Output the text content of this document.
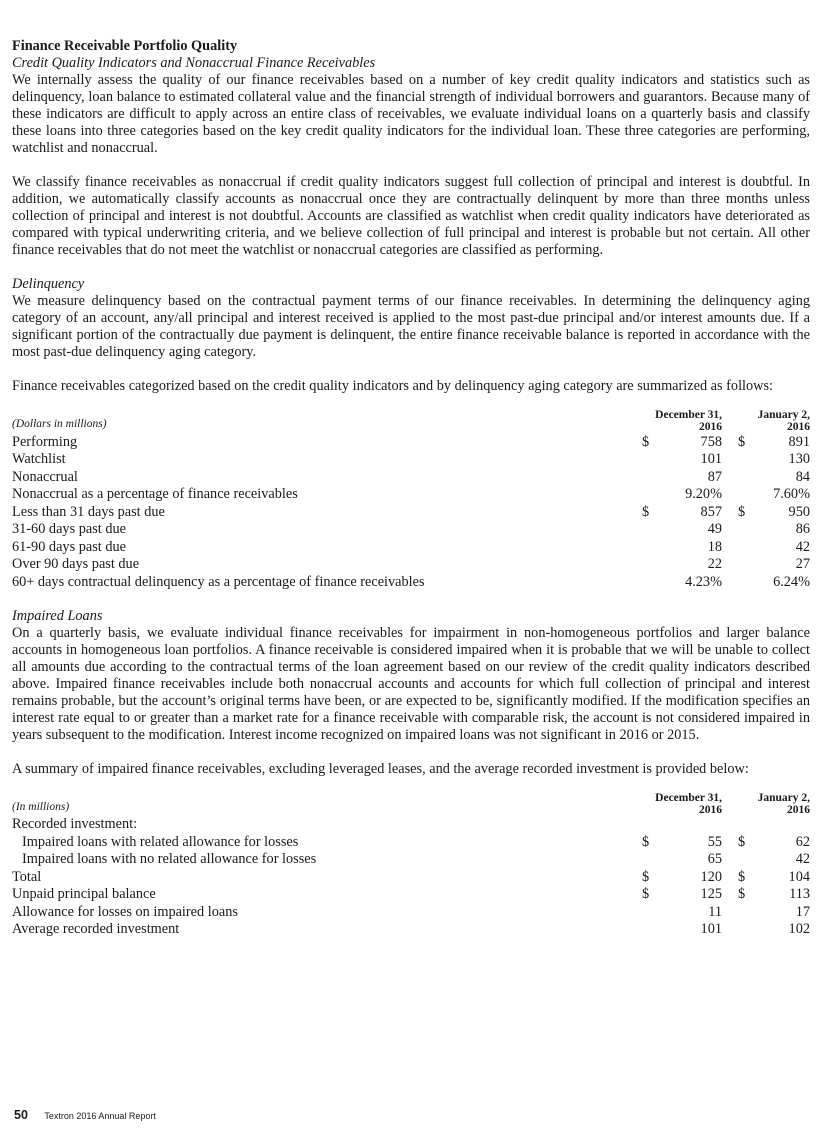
Finance Receivable Portfolio Quality

Credit Quality Indicators and Nonaccrual Finance Receivables

We internally assess the quality of our finance receivables based on a number of key credit quality indicators and statistics such as delinquency, loan balance to estimated collateral value and the financial strength of individual borrowers and guarantors. Because many of these indicators are difficult to apply across an entire class of receivables, we evaluate individual loans on a quarterly basis and classify these loans into three categories based on the key credit quality indicators for the individual loan. These three categories are performing, watchlist and nonaccrual.

We classify finance receivables as nonaccrual if credit quality indicators suggest full collection of principal and interest is doubtful. In addition, we automatically classify accounts as nonaccrual once they are contractually delinquent by more than three months unless collection of principal and interest is not doubtful. Accounts are classified as watchlist when credit quality indicators have deteriorated as compared with typical underwriting criteria, and we believe collection of full principal and interest is probable but not certain. All other finance receivables that do not meet the watchlist or nonaccrual categories are classified as performing.

Delinquency

We measure delinquency based on the contractual payment terms of our finance receivables. In determining the delinquency aging category of an account, any/all principal and interest received is applied to the most past-due principal and/or interest amounts due. If a significant portion of the contractually due payment is delinquent, the entire finance receivable balance is reported in accordance with the most past-due delinquency aging category.

Finance receivables categorized based on the credit quality indicators and by delinquency aging category are summarized as follows:

(Dollars in millions)	December 31,
2016			January 2,
2016	
Performing	$	758		$	891
Watchlist		101			130
Nonaccrual		87			84
Nonaccrual as a percentage of finance receivables		9.20%			7.60%
Less than 31 days past due	$	857		$	950
31-60 days past due		49			86
61-90 days past due		18			42
Over 90 days past due		22			27
60+ days contractual delinquency as a percentage of finance receivables		4.23%			6.24%

Impaired Loans

On a quarterly basis, we evaluate individual finance receivables for impairment in non-homogeneous portfolios and larger balance accounts in homogeneous loan portfolios. A finance receivable is considered impaired when it is probable that we will be unable to collect all amounts due according to the contractual terms of the loan agreement based on our review of the credit quality indicators described above. Impaired finance receivables include both nonaccrual accounts and accounts for which full collection of principal and interest remains probable, but the account’s original terms have been, or are expected to be, significantly modified. If the modification specifies an interest rate equal to or greater than a market rate for a finance receivable with comparable risk, the account is not considered impaired in years subsequent to the modification. Interest income recognized on impaired loans was not significant in 2016 or 2015.

A summary of impaired finance receivables, excluding leveraged leases, and the average recorded investment is provided below:

(In millions)	December 31,
2016			January 2,
2016	
Recorded investment:					
Impaired loans with related allowance for losses	$	55		$	62
Impaired loans with no related allowance for losses		65			42
Total	$	120		$	104
Unpaid principal balance	$	125		$	113
Allowance for losses on impaired loans		11			17
Average recorded investment		101			102
50 Textron 2016 Annual Report
